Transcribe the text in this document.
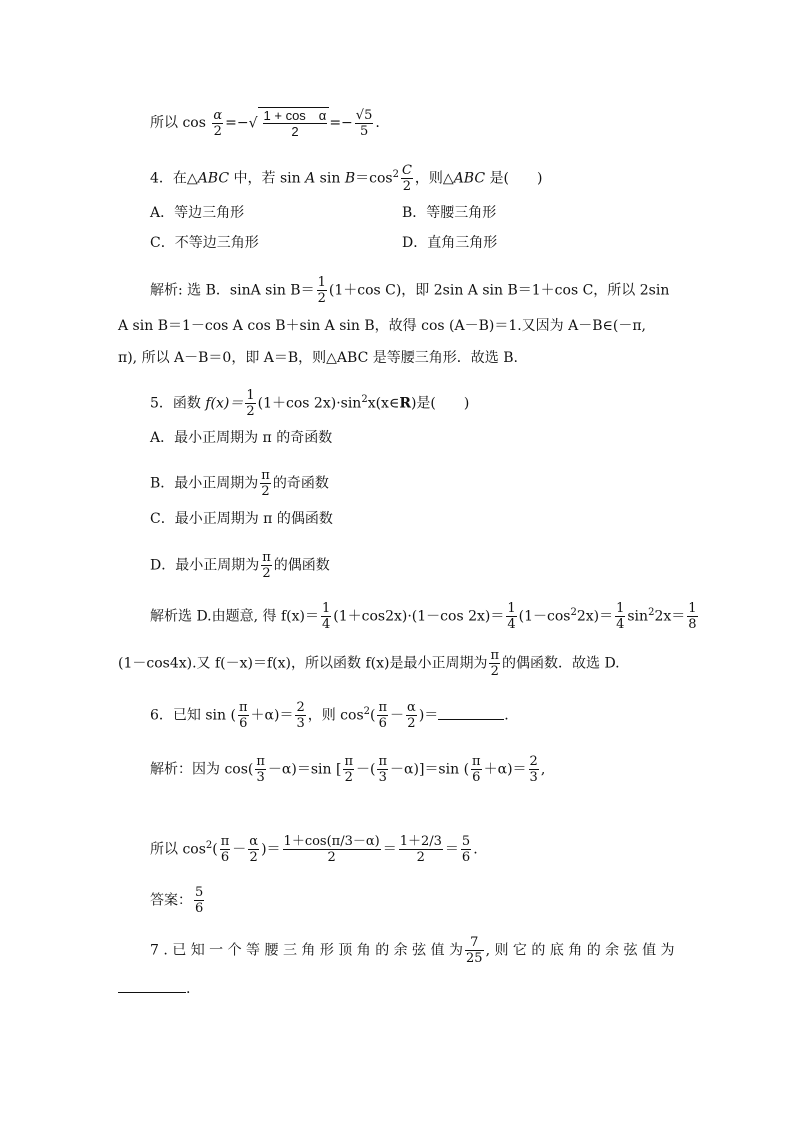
所以 $\cos \frac{\alpha}{2}$ =−√ $\frac{\text{1 + cos　α}}{2} =- \frac{√5}{5}$ .
4．在△ABC 中，若 sin A $\sin B=\cos^2 \frac{C}{2}$ ，则△ABC 是(　　)
A．等边三角形	B．等腰三角形
C．不等边三角形	D．直角三角形
解析: 选 B．sinA $\sin B= \frac{1}{2} (1+\cos$ C)，即 2sin A sin B＝1＋cos C，所以 2sin
A sin B＝1－cos A cos B＋sin A sin B，故得 cos (A－B)＝1.又因为 A－B∈(－π,
π), 所以 A－B＝0，即 A＝B，则△ABC 是等腰三角形．故选 B.
5．函数 $f(x)= \frac{1}{2} (1+\cos$ $2x)\cdot\sin^2x(x\in R)$是(　　)
A．最小正周期为 π 的奇函数
B．最小正周期为 $\frac{\pi}{2}$ 的奇函数
C．最小正周期为 π 的偶函数
D．最小正周期为 $\frac{\pi}{2}$ 的偶函数
解析选 D.由题意, 得 $f(x)= \frac{1}{4} (1+\cos 2x)\cdot(1-\cos$ $2x)= \frac{1}{4} (1-\cos^22x)= \frac{1}{4} \sin^22x= \frac{1}{8}$
(1－cos4x).又 f(－x)＝f(x)，所以函数 f(x)是最小正周期为 $\frac{\pi}{2}$ 的偶函数．故选 D.
6．已知 sin ( $\frac{\pi}{6} +\alpha)= \frac{2}{3}$ ，则 $\cos^2( \frac{\pi}{6} - \frac{\alpha}{2}$ )＝	.
解析：因为 $\cos( \frac{\pi}{3} -\alpha)=\sin$ [ $\frac{\pi}{2}$ －( $\frac{\pi}{3} -\alpha)]=\sin$ ( $\frac{\pi}{6} +\alpha)= \frac{2}{3}$ ,
所以 $\cos^2( \frac{\pi}{6} - \frac{\alpha}{2}$ )＝ $\frac{1+\cos(\pi/3-\alpha)}{2} = \frac{1+2/3}{2} = \frac{5}{6}$ .
答案： $\frac{5}{6}$
7 . 已 知 一 个 等 腰 三 角 形 顶 角 的 余 弦 值 为 $\frac{7}{25}$ , 则 它 的 底 角 的 余 弦 值 为
.
